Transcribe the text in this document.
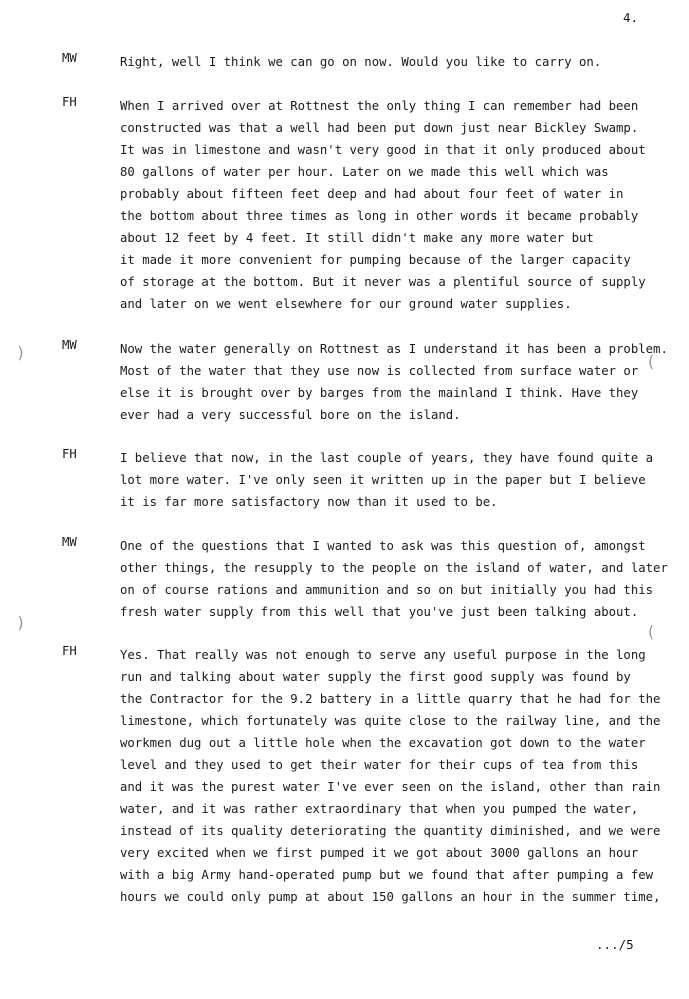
4.
MW	Right, well I think we can go on now. Would you like to carry on.
FH	When I arrived over at Rottnest the only thing I can remember had been
constructed was that a well had been put down just near Bickley Swamp.
It was in limestone and wasn't very good in that it only produced about
80 gallons of water per hour. Later on we made this well which was
probably about fifteen feet deep and had about four feet of water in
the bottom about three times as long in other words it became probably
about 12 feet by 4 feet. It still didn't make any more water but
it made it more convenient for pumping because of the larger capacity
of storage at the bottom. But it never was a plentiful source of supply
and later on we went elsewhere for our ground water supplies.
MW	Now the water generally on Rottnest as I understand it has been a problem.
Most of the water that they use now is collected from surface water or
else it is brought over by barges from the mainland I think. Have they
ever had a very successful bore on the island.
FH	I believe that now, in the last couple of years, they have found quite a
lot more water. I've only seen it written up in the paper but I believe
it is far more satisfactory now than it used to be.
MW	One of the questions that I wanted to ask was this question of, amongst
other things, the resupply to the people on the island of water, and later
on of course rations and ammunition and so on but initially you had this
fresh water supply from this well that you've just been talking about.
FH	Yes. That really was not enough to serve any useful purpose in the long
run and talking about water supply the first good supply was found by
the Contractor for the 9.2 battery in a little quarry that he had for the
limestone, which fortunately was quite close to the railway line, and the
workmen dug out a little hole when the excavation got down to the water
level and they used to get their water for their cups of tea from this
and it was the purest water I've ever seen on the island, other than rain
water, and it was rather extraordinary that when you pumped the water,
instead of its quality deteriorating the quantity diminished, and we were
very excited when we first pumped it we got about 3000 gallons an hour
with a big Army hand-operated pump but we found that after pumping a few
hours we could only pump at about 150 gallons an hour in the summer time,
.../5
)
)
(
(
